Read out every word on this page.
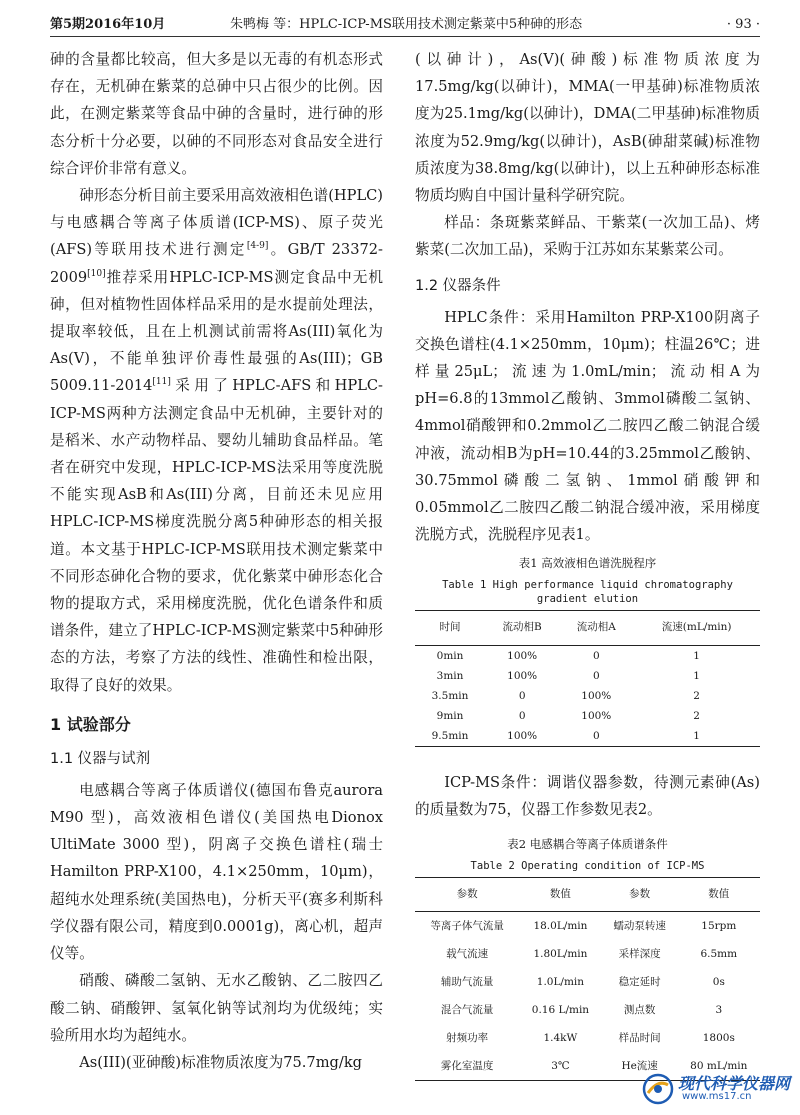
第5期2016年10月	朱鸭梅 等：HPLC-ICP-MS联用技术测定紫菜中5种砷的形态	· 93 ·

砷的含量都比较高，但大多是以无毒的有机态形式存在，无机砷在紫菜的总砷中只占很少的比例。因此，在测定紫菜等食品中砷的含量时，进行砷的形态分析十分必要，以砷的不同形态对食品安全进行综合评价非常有意义。

砷形态分析目前主要采用高效液相色谱(HPLC)与电感耦合等离子体质谱(ICP-MS)、原子荧光(AFS)等联用技术进行测定[4-9]。GB/T 23372-2009[10]推荐采用HPLC-ICP-MS测定食品中无机砷，但对植物性固体样品采用的是水提前处理法，提取率较低，且在上机测试前需将As(III)氧化为As(V)，不能单独评价毒性最强的As(III)；GB 5009.11-2014[11]采用了HPLC-AFS和HPLC-ICP-MS两种方法测定食品中无机砷，主要针对的是稻米、水产动物样品、婴幼儿辅助食品样品。笔者在研究中发现，HPLC-ICP-MS法采用等度洗脱不能实现AsB和As(III)分离，目前还未见应用HPLC-ICP-MS梯度洗脱分离5种砷形态的相关报道。本文基于HPLC-ICP-MS联用技术测定紫菜中不同形态砷化合物的要求，优化紫菜中砷形态化合物的提取方式，采用梯度洗脱，优化色谱条件和质谱条件，建立了HPLC-ICP-MS测定紫菜中5种砷形态的方法，考察了方法的线性、准确性和检出限，取得了良好的效果。

1 试验部分
1.1 仪器与试剂

电感耦合等离子体质谱仪(德国布鲁克aurora M90 型)，高效液相色谱仪(美国热电Dionox UltiMate 3000 型)，阴离子交换色谱柱(瑞士Hamilton PRP-X100，4.1×250mm，10μm)，超纯水处理系统(美国热电)，分析天平(赛多利斯科学仪器有限公司，精度到0.0001g)，离心机，超声仪等。

硝酸、磷酸二氢钠、无水乙酸钠、乙二胺四乙酸二钠、硝酸钾、氢氧化钠等试剂均为优级纯；实验所用水均为超纯水。

As(III)(亚砷酸)标准物质浓度为75.7mg/kg

(以砷计)，As(V)(砷酸)标准物质浓度为17.5mg/kg(以砷计)，MMA(一甲基砷)标准物质浓度为25.1mg/kg(以砷计)，DMA(二甲基砷)标准物质浓度为52.9mg/kg(以砷计)，AsB(砷甜菜碱)标准物质浓度为38.8mg/kg(以砷计)，以上五种砷形态标准物质均购自中国计量科学研究院。

样品：条斑紫菜鲜品、干紫菜(一次加工品)、烤紫菜(二次加工品)，采购于江苏如东某紫菜公司。

1.2 仪器条件

HPLC条件：采用Hamilton PRP-X100阴离子交换色谱柱(4.1×250mm，10μm)；柱温26℃；进样量25μL；流速为1.0mL/min；流动相A为pH=6.8的13mmol乙酸钠、3mmol磷酸二氢钠、4mmol硝酸钾和0.2mmol乙二胺四乙酸二钠混合缓冲液，流动相B为pH=10.44的3.25mmol乙酸钠、30.75mmol磷酸二氢钠、1mmol硝酸钾和0.05mmol乙二胺四乙酸二钠混合缓冲液，采用梯度洗脱方式，洗脱程序见表1。

表1 高效液相色谱洗脱程序
Table 1 High performance liquid chromatography gradient elution
时间	流动相B	流动相A	流速(mL/min)
0min	100%	0	1
3min	100%	0	1
3.5min	0	100%	2
9min	0	100%	2
9.5min	100%	0	1

ICP-MS条件：调谐仪器参数，待测元素砷(As)的质量数为75，仪器工作参数见表2。

表2 电感耦合等离子体质谱条件
Table 2 Operating condition of ICP-MS
参数	数值	参数	数值
等离子体气流量	18.0L/min	蠕动泵转速	15rpm
载气流速	1.80L/min	采样深度	6.5mm
辅助气流量	1.0L/min	稳定延时	0s
混合气流量	0.16 L/min	测点数	3
射频功率	1.4kW	样品时间	1800s
雾化室温度	3℃	He流速	80 mL/min
现代科学仪器网
www.ms17.cn
